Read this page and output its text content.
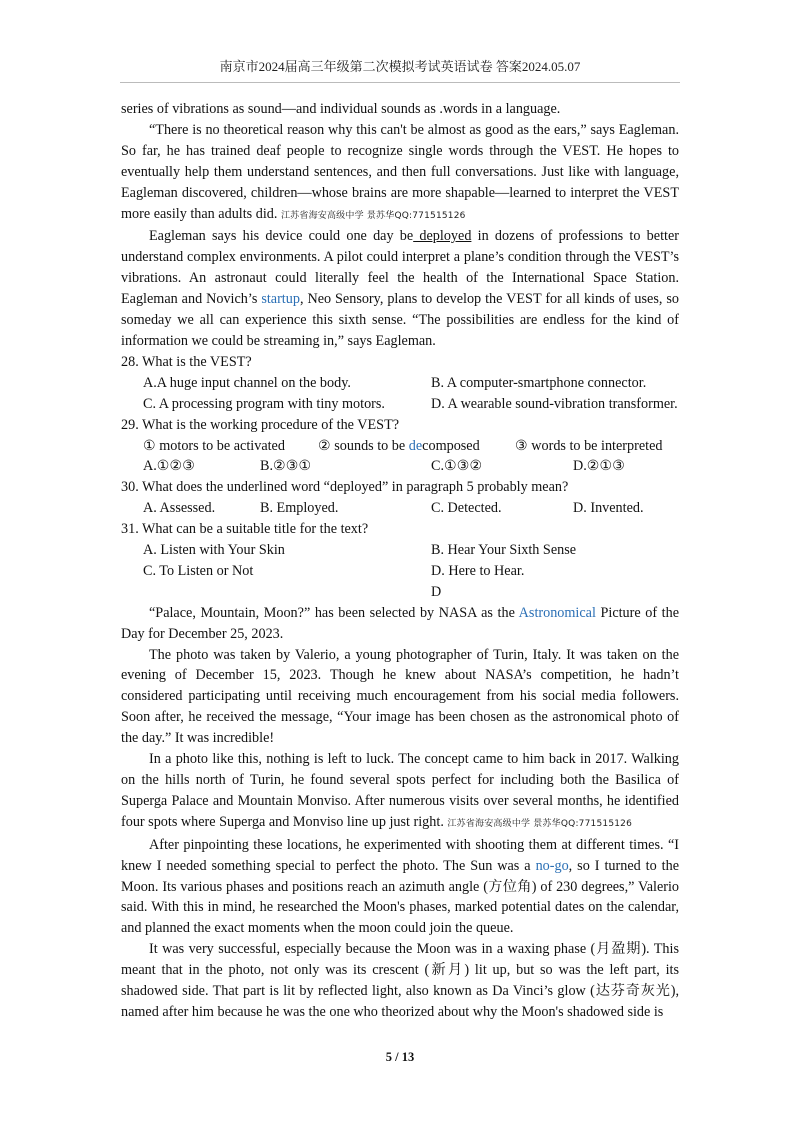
南京市2024届高三年级第二次模拟考试英语试卷 答案2024.05.07

series of vibrations as sound—and individual sounds as .words in a language.

“There is no theoretical reason why this can't be almost as good as the ears,” says Eagleman. So far, he has trained deaf people to recognize single words through the VEST. He hopes to eventually help them understand sentences, and then full conversations. Just like with language, Eagleman discovered, children—whose brains are more shapable—learned to interpret the VEST more easily than adults did. 江苏省海安高级中学 景苏华QQ:771515126

Eagleman says his device could one day be deployed in dozens of professions to better understand complex environments. A pilot could interpret a plane’s condition through the VEST’s vibrations. An astronaut could literally feel the health of the International Space Station. Eagleman and Novich’s startup, Neo Sensory, plans to develop the VEST for all kinds of uses, so someday we all can experience this sixth sense. “The possibilities are endless for the kind of information we could be streaming in,” says Eagleman.

28. What is the VEST?

A.A huge input channel on the body.	B. A computer-smartphone connector.
C. A processing program with tiny motors.	D. A wearable sound-vibration transformer.

29. What is the working procedure of the VEST?

① motors to be activated	② sounds to be decomposed	③ words to be interpreted
A.①②③	B.②③①	C.①③②	D.②①③

30. What does the underlined word “deployed” in paragraph 5 probably mean?

A. Assessed.	B. Employed.	C. Detected.	D. Invented.

31. What can be a suitable title for the text?

A. Listen with Your Skin	B. Hear Your Sixth Sense
C. To Listen or Not	D. Here to Hear.
D

“Palace, Mountain, Moon?” has been selected by NASA as the Astronomical Picture of the Day for December 25, 2023.

The photo was taken by Valerio, a young photographer of Turin, Italy. It was taken on the evening of December 15, 2023. Though he knew about NASA’s competition, he hadn’t considered participating until receiving much encouragement from his social media followers. Soon after, he received the message, “Your image has been chosen as the astronomical photo of the day.” It was incredible!

In a photo like this, nothing is left to luck. The concept came to him back in 2017. Walking on the hills north of Turin, he found several spots perfect for including both the Basilica of Superga Palace and Mountain Monviso. After numerous visits over several months, he identified four spots where Superga and Monviso line up just right. 江苏省海安高级中学 景苏华QQ:771515126

After pinpointing these locations, he experimented with shooting them at different times. “I knew I needed something special to perfect the photo. The Sun was a no-go, so I turned to the Moon. Its various phases and positions reach an azimuth angle (方位角) of 230 degrees,” Valerio said. With this in mind, he researched the Moon's phases, marked potential dates on the calendar, and planned the exact moments when the moon could join the queue.

It was very successful, especially because the Moon was in a waxing phase (月盈期). This meant that in the photo, not only was its crescent (新月) lit up, but so was the left part, its shadowed side. That part is lit by reflected light, also known as Da Vinci’s glow (达芬奇灰光), named after him because he was the one who theorized about why the Moon's shadowed side is

5 / 13
